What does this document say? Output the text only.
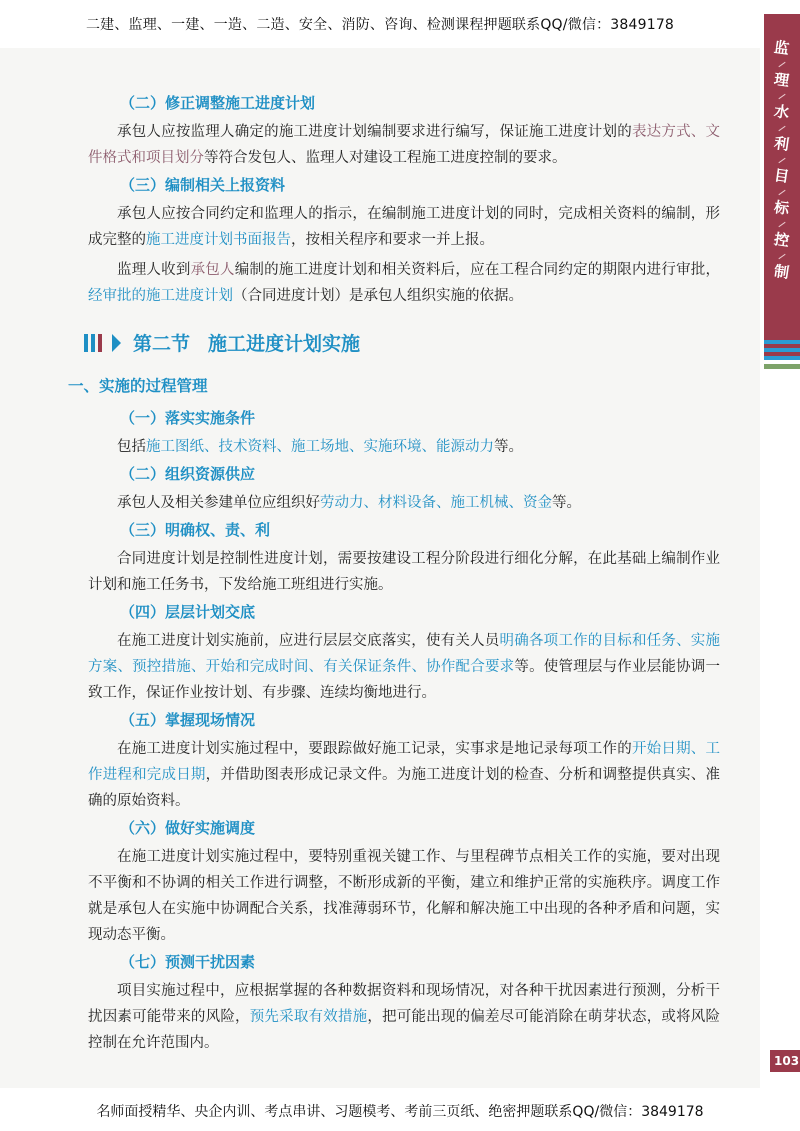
二建、监理、一建、一造、二造、安全、消防、咨询、检测课程押题联系QQ/微信：3849178
监
理
水
利
目
标
控
制
（二）修正调整施工进度计划

承包人应按监理人确定的施工进度计划编制要求进行编写，保证施工进度计划的表达方式、文件格式和项目划分等符合发包人、监理人对建设工程施工进度控制的要求。

（三）编制相关上报资料

承包人应按合同约定和监理人的指示，在编制施工进度计划的同时，完成相关资料的编制，形成完整的施工进度计划书面报告，按相关程序和要求一并上报。

监理人收到承包人编制的施工进度计划和相关资料后，应在工程合同约定的期限内进行审批，经审批的施工进度计划（合同进度计划）是承包人组织实施的依据。

第二节 施工进度计划实施
一、实施的过程管理
（一）落实实施条件

包括施工图纸、技术资料、施工场地、实施环境、能源动力等。

（二）组织资源供应

承包人及相关参建单位应组织好劳动力、材料设备、施工机械、资金等。

（三）明确权、责、利

合同进度计划是控制性进度计划，需要按建设工程分阶段进行细化分解，在此基础上编制作业计划和施工任务书，下发给施工班组进行实施。

（四）层层计划交底

在施工进度计划实施前，应进行层层交底落实，使有关人员明确各项工作的目标和任务、实施方案、预控措施、开始和完成时间、有关保证条件、协作配合要求等。使管理层与作业层能协调一致工作，保证作业按计划、有步骤、连续均衡地进行。

（五）掌握现场情况

在施工进度计划实施过程中，要跟踪做好施工记录，实事求是地记录每项工作的开始日期、工作进程和完成日期，并借助图表形成记录文件。为施工进度计划的检查、分析和调整提供真实、准确的原始资料。

（六）做好实施调度

在施工进度计划实施过程中，要特别重视关键工作、与里程碑节点相关工作的实施，要对出现不平衡和不协调的相关工作进行调整，不断形成新的平衡，建立和维护正常的实施秩序。调度工作就是承包人在实施中协调配合关系，找准薄弱环节，化解和解决施工中出现的各种矛盾和问题，实现动态平衡。

（七）预测干扰因素

项目实施过程中，应根据掌握的各种数据资料和现场情况，对各种干扰因素进行预测，分析干扰因素可能带来的风险，预先采取有效措施，把可能出现的偏差尽可能消除在萌芽状态，或将风险控制在允许范围内。

103
名师面授精华、央企内训、考点串讲、习题模考、考前三页纸、绝密押题联系QQ/微信：3849178
